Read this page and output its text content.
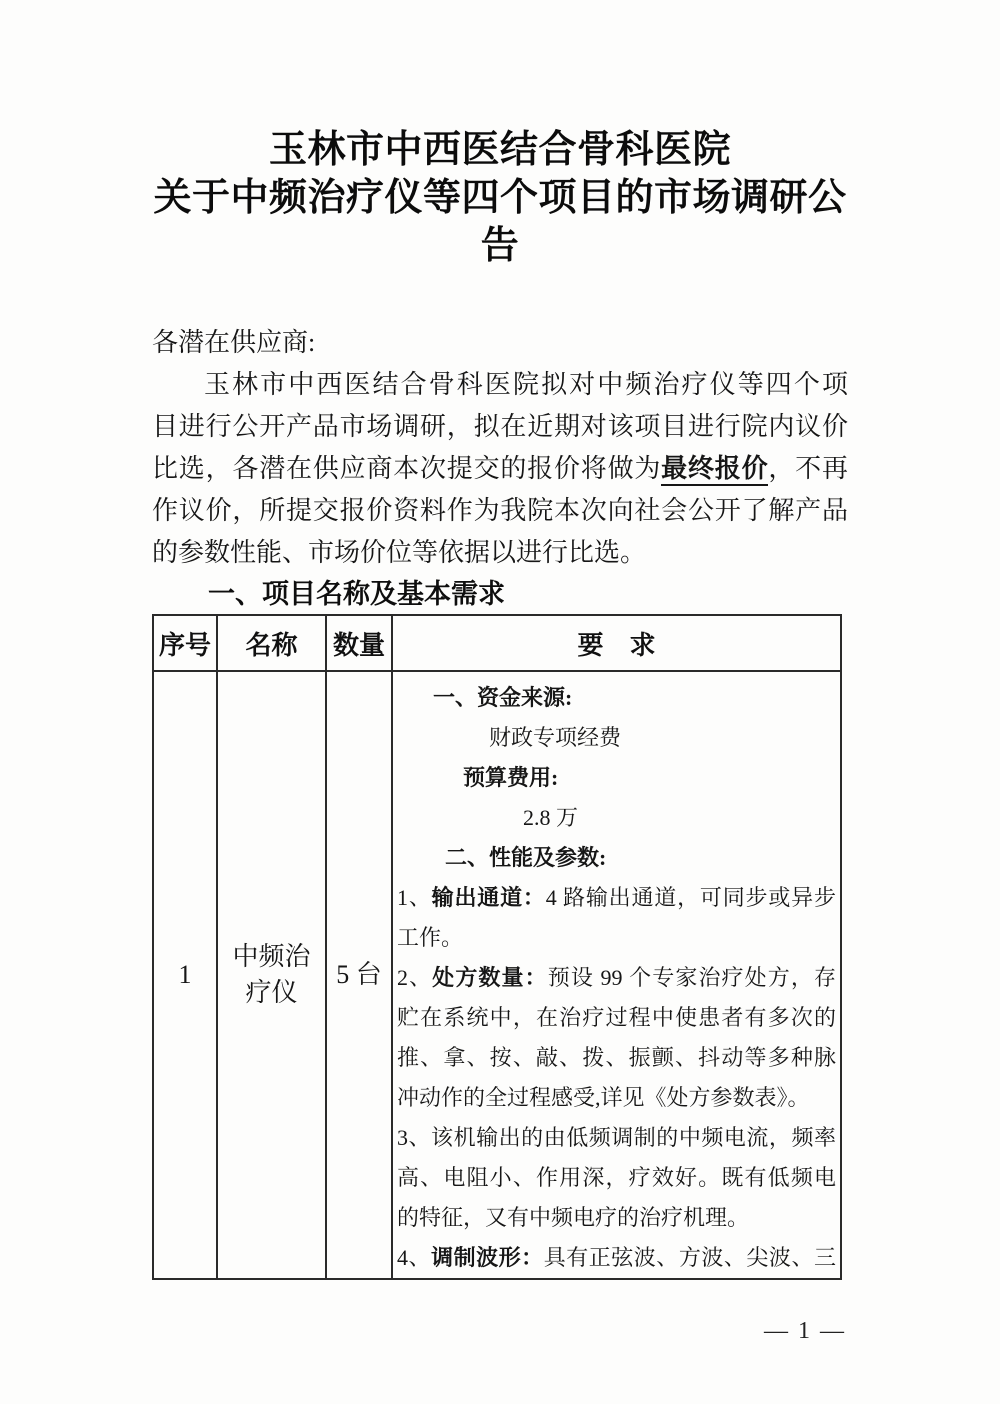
玉林市中西医结合骨科医院
关于中频治疗仪等四个项目的市场调研公告
各潜在供应商:
玉林市中西医结合骨科医院拟对中频治疗仪等四个项
目进行公开产品市场调研，拟在近期对该项目进行院内议价
比选，各潜在供应商本次提交的报价将做为最终报价，不再
作议价，所提交报价资料作为我院本次向社会公开了解产品
的参数性能、市场价位等依据以进行比选。
一、项目名称及基本需求
序号	名称	数量	要　求
1	中频治疗仪	5 台	
一、资金来源:
财政专项经费
预算费用:
2.8 万
二、性能及参数:
1、输出通道：4 路输出通道，可同步或异步
工作。
2、处方数量：预设 99 个专家治疗处方，存
贮在系统中，在治疗过程中使患者有多次的
推、拿、按、敲、拨、振颤、抖动等多种脉
冲动作的全过程感受,详见《处方参数表》。
3、该机输出的由低频调制的中频电流，频率
高、电阻小、作用深，疗效好。既有低频电
的特征，又有中频电疗的治疗机理。
4、调制波形：具有正弦波、方波、尖波、三
— 1 —
